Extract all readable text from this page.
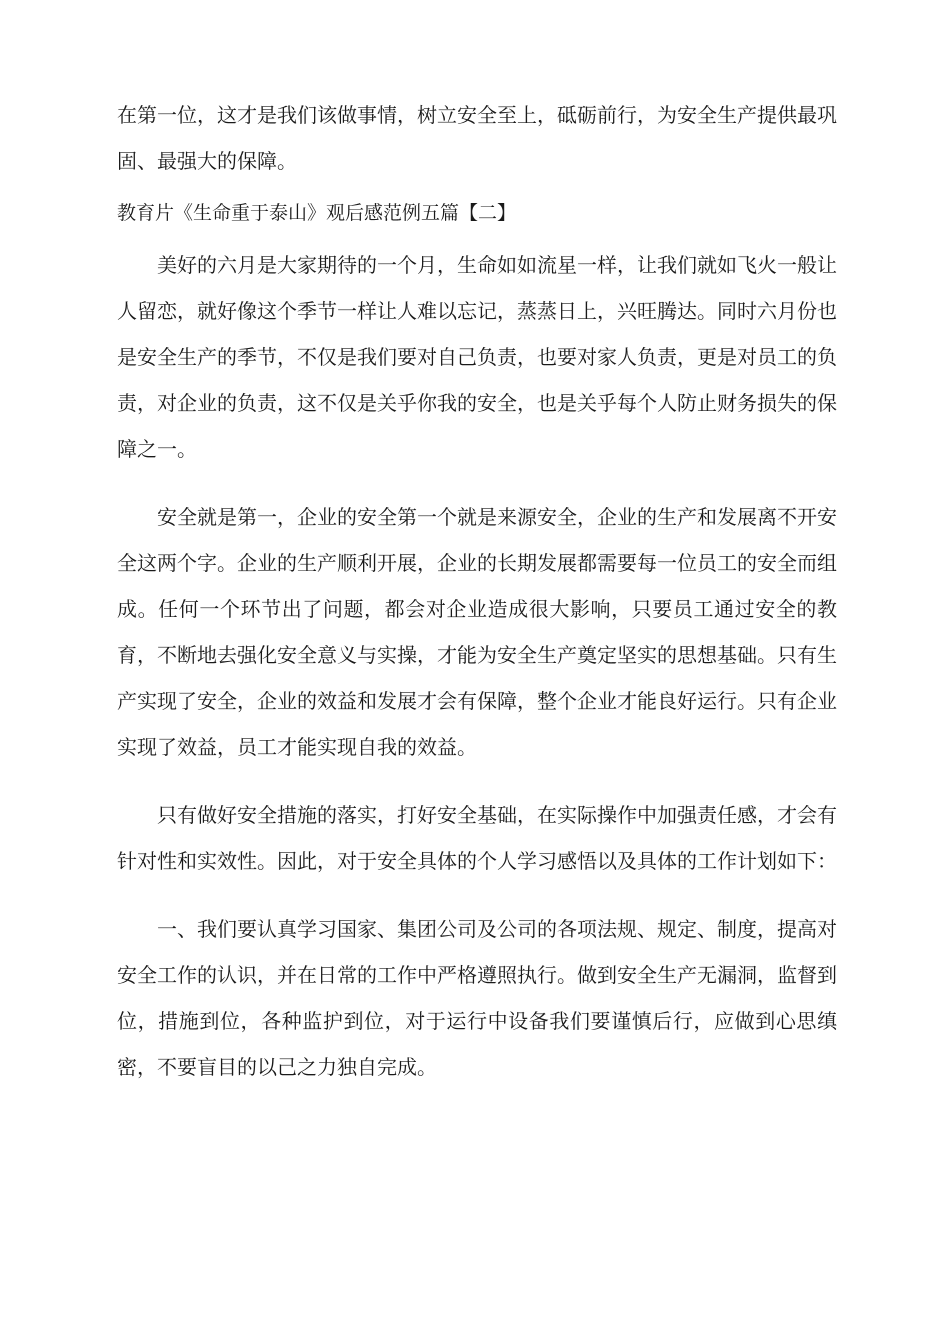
在第一位，这才是我们该做事情，树立安全至上，砥砺前行，为安全生产提供最巩固、最强大的保障。

教育片《生命重于泰山》观后感范例五篇【二】

美好的六月是大家期待的一个月，生命如如流星一样，让我们就如飞火一般让人留恋，就好像这个季节一样让人难以忘记，蒸蒸日上，兴旺腾达。同时六月份也是安全生产的季节，不仅是我们要对自己负责，也要对家人负责，更是对员工的负责，对企业的负责，这不仅是关乎你我的安全，也是关乎每个人防止财务损失的保障之一。

安全就是第一，企业的安全第一个就是来源安全，企业的生产和发展离不开安全这两个字。企业的生产顺利开展，企业的长期发展都需要每一位员工的安全而组成。任何一个环节出了问题，都会对企业造成很大影响，只要员工通过安全的教育，不断地去强化安全意义与实操，才能为安全生产奠定坚实的思想基础。只有生产实现了安全，企业的效益和发展才会有保障，整个企业才能良好运行。只有企业实现了效益，员工才能实现自我的效益。

只有做好安全措施的落实，打好安全基础，在实际操作中加强责任感，才会有针对性和实效性。因此，对于安全具体的个人学习感悟以及具体的工作计划如下：

一、我们要认真学习国家、集团公司及公司的各项法规、规定、制度，提高对安全工作的认识，并在日常的工作中严格遵照执行。做到安全生产无漏洞，监督到位，措施到位，各种监护到位，对于运行中设备我们要谨慎后行，应做到心思缜密，不要盲目的以己之力独自完成。
